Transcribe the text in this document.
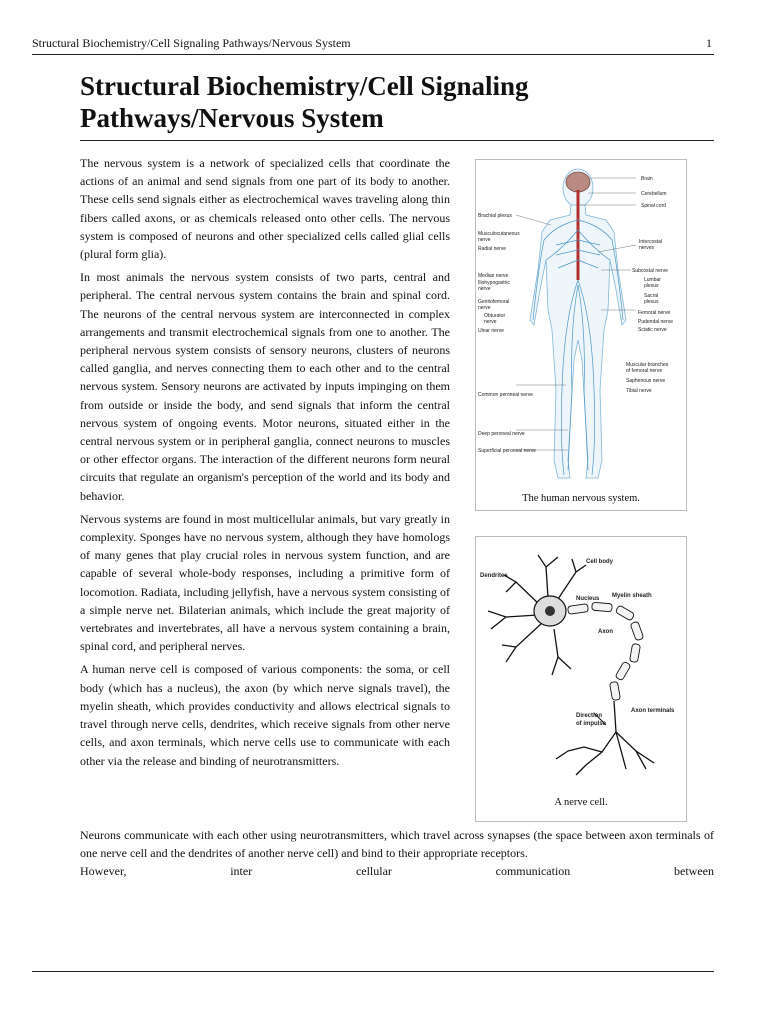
Structural Biochemistry/Cell Signaling Pathways/Nervous System	1
Structural Biochemistry/Cell Signaling
Pathways/Nervous System

The nervous system is a network of specialized cells that coordinate the actions of an animal and send signals from one part of its body to another. These cells send signals either as electrochemical waves traveling along thin fibers called axons, or as chemicals released onto other cells. The nervous system is composed of neurons and other specialized cells called glial cells (plural form glia).

In most animals the nervous system consists of two parts, central and peripheral. The central nervous system contains the brain and spinal cord. The neurons of the central nervous system are interconnected in complex arrangements and transmit electrochemical signals from one to another. The peripheral nervous system consists of sensory neurons, clusters of neurons called ganglia, and nerves connecting them to each other and to the central nervous system. Sensory neurons are activated by inputs impinging on them from outside or inside the body, and send signals that inform the central nervous system of ongoing events. Motor neurons, situated either in the central nervous system or in peripheral ganglia, connect neurons to muscles or other effector organs. The interaction of the different neurons form neural circuits that regulate an organism's perception of the world and its body and behavior.

Nervous systems are found in most multicellular animals, but vary greatly in complexity. Sponges have no nervous system, although they have homologs of many genes that play crucial roles in nervous system function, and are capable of several whole-body responses, including a primitive form of locomotion. Radiata, including jellyfish, have a nervous system consisting of a simple nerve net. Bilaterian animals, which include the great majority of vertebrates and invertebrates, all have a nervous system containing a brain, spinal cord, and peripheral nerves.

A human nerve cell is composed of various components: the soma, or cell body (which has a nucleus), the axon (by which nerve signals travel), the myelin sheath, which provides conductivity and allows electrical signals to travel through nerve cells, dendrites, which receive signals from other nerve cells, and axon terminals, which nerve cells use to communicate with each other via the release and binding of neurotransmitters.

Brain
Cerebellum
Spinal cord
Intercostal
nerves
Subcostal nerve
Lumbar
plexus
Sacral
plexus
Femoral nerve
Pudendal nerve
Sciatic nerve
Muscular branches
of femoral nerve
Saphenous nerve
Tibial nerve
Brachial plexus
Musculocutaneous
nerve
Radial nerve
Median nerve
Iliohypogastric
nerve
Genitofemoral
nerve
Obturator
nerve
Ulnar nerve
Common peroneal nerve
Deep peroneal nerve
Superficial peroneal nerve
The human nervous system.
Cell body
Dendrites
Nucleus Myelin sheath
Axon
Direction
of impulse
Axon terminals
A nerve cell.

Neurons communicate with each other using neurotransmitters, which travel across synapses (the space between axon terminals of one nerve cell and the dendrites of another nerve cell) and bind to their appropriate receptors.

However, inter cellular communication between
